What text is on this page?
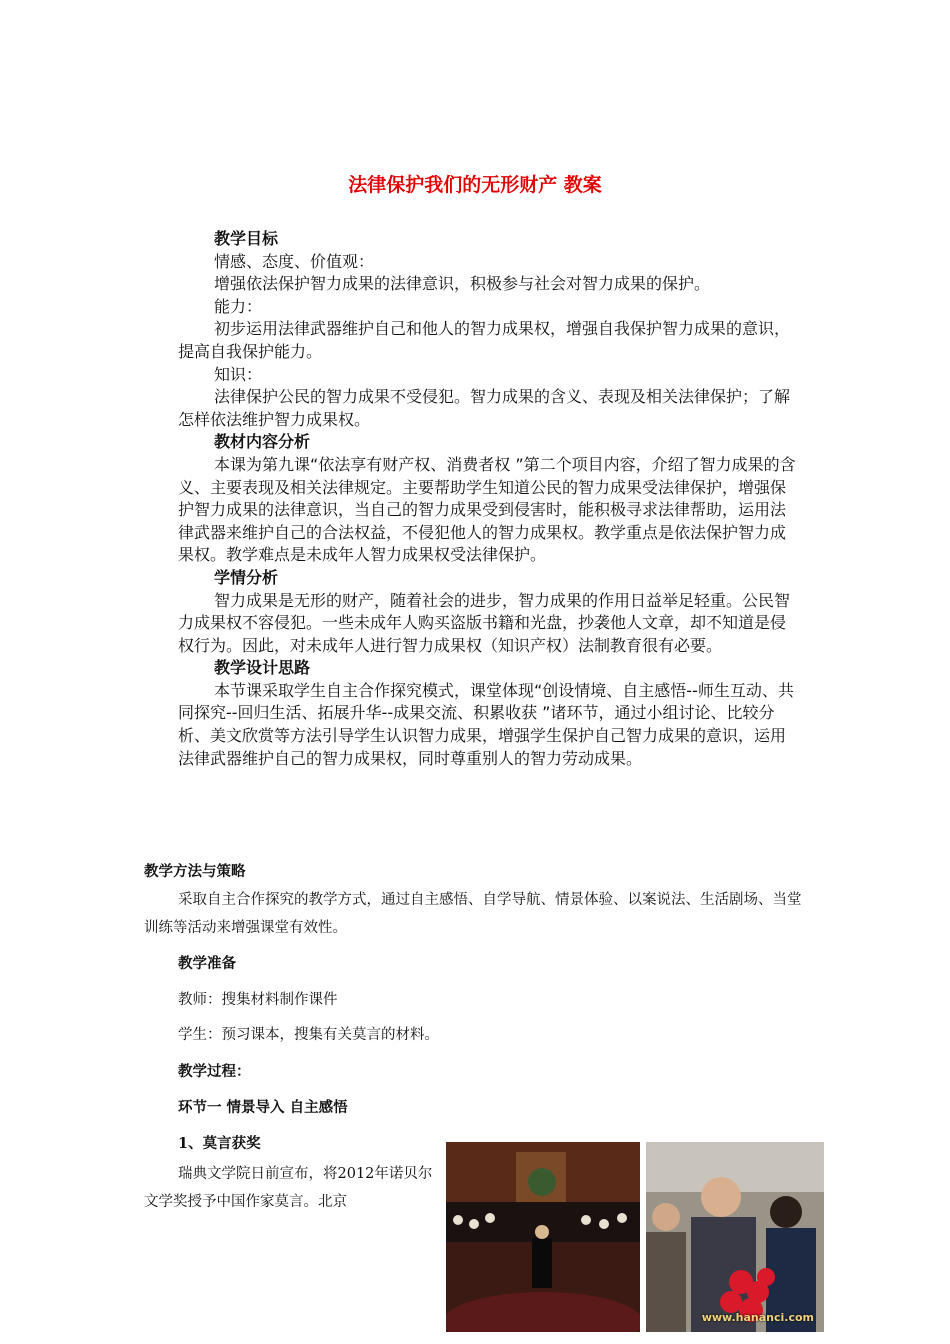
法律保护我们的无形财产 教案

教学目标

情感、态度、价值观：

增强依法保护智力成果的法律意识，积极参与社会对智力成果的保护。

能力：

初步运用法律武器维护自己和他人的智力成果权，增强自我保护智力成果的意识，提高自我保护能力。

知识：

法律保护公民的智力成果不受侵犯。智力成果的含义、表现及相关法律保护；了解怎样依法维护智力成果权。

教材内容分析

本课为第九课“依法享有财产权、消费者权 ”第二个项目内容，介绍了智力成果的含义、主要表现及相关法律规定。主要帮助学生知道公民的智力成果受法律保护，增强保护智力成果的法律意识，当自己的智力成果受到侵害时，能积极寻求法律帮助，运用法律武器来维护自己的合法权益，不侵犯他人的智力成果权。教学重点是依法保护智力成果权。教学难点是未成年人智力成果权受法律保护。

学情分析

智力成果是无形的财产，随着社会的进步，智力成果的作用日益举足轻重。公民智力成果权不容侵犯。一些未成年人购买盗版书籍和光盘，抄袭他人文章，却不知道是侵权行为。因此，对未成年人进行智力成果权（知识产权）法制教育很有必要。

教学设计思路

本节课采取学生自主合作探究模式，课堂体现“创设情境、自主感悟--师生互动、共同探究--回归生活、拓展升华--成果交流、积累收获 ”诸环节，通过小组讨论、比较分析、美文欣赏等方法引导学生认识智力成果，增强学生保护自己智力成果的意识，运用法律武器维护自己的智力成果权，同时尊重别人的智力劳动成果。

教学方法与策略
采取自主合作探究的教学方式，通过自主感悟、自学导航、情景体验、以案说法、生活剧场、当堂训练等活动来增强课堂有效性。
教学准备
教师：搜集材料制作课件
学生：预习课本，搜集有关莫言的材料。
教学过程：
环节一 情景导入 自主感悟
1、莫言获奖
瑞典文学院日前宣布，将2012年诺贝尔文学奖授予中国作家莫言。北京
www.hananci.com
